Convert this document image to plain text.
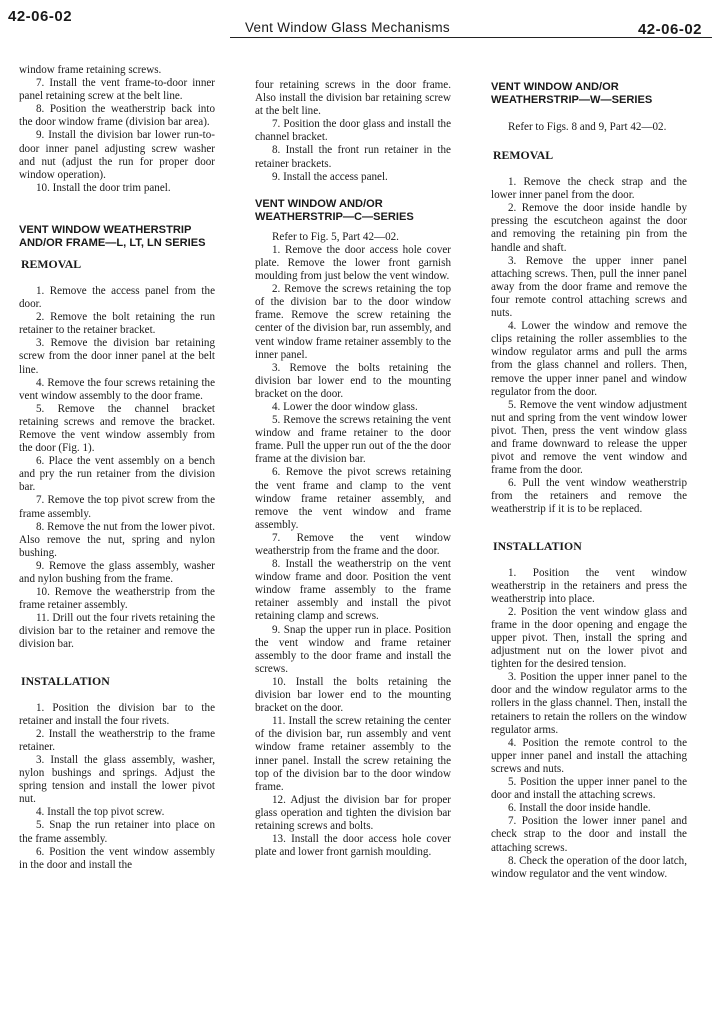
42-06-02
Vent Window Glass Mechanisms	42-06-02

window frame retaining screws.

7. Install the vent frame-to-door inner panel retaining screw at the belt line.

8. Position the weatherstrip back into the door window frame (division bar area).

9. Install the division bar lower run-to-door inner panel adjusting screw washer and nut (adjust the run for proper door window operation).

10. Install the door trim panel.

VENT WINDOW WEATHERSTRIP AND/OR FRAME—L, LT, LN SERIES

REMOVAL

1. Remove the access panel from the door.

2. Remove the bolt retaining the run retainer to the retainer bracket.

3. Remove the division bar retaining screw from the door inner panel at the belt line.

4. Remove the four screws retaining the vent window assembly to the door frame.

5. Remove the channel bracket retaining screws and remove the bracket. Remove the vent window assembly from the door (Fig. 1).

6. Place the vent assembly on a bench and pry the run retainer from the division bar.

7. Remove the top pivot screw from the frame assembly.

8. Remove the nut from the lower pivot. Also remove the nut, spring and nylon bushing.

9. Remove the glass assembly, washer and nylon bushing from the frame.

10. Remove the weatherstrip from the frame retainer assembly.

11. Drill out the four rivets retaining the division bar to the retainer and remove the division bar.

INSTALLATION

1. Position the division bar to the retainer and install the four rivets.

2. Install the weatherstrip to the frame retainer.

3. Install the glass assembly, washer, nylon bushings and springs. Adjust the spring tension and install the lower pivot nut.

4. Install the top pivot screw.

5. Snap the run retainer into place on the frame assembly.

6. Position the vent window assembly in the door and install the

four retaining screws in the door frame. Also install the division bar retaining screw at the belt line.

7. Position the door glass and install the channel bracket.

8. Install the front run retainer in the retainer brackets.

9. Install the access panel.

VENT WINDOW AND/OR WEATHERSTRIP—C—SERIES

Refer to Fig. 5, Part 42—02.

1. Remove the door access hole cover plate. Remove the lower front garnish moulding from just below the vent window.

2. Remove the screws retaining the top of the division bar to the door window frame. Remove the screw retaining the center of the division bar, run assembly, and vent window frame retainer assembly to the inner panel.

3. Remove the bolts retaining the division bar lower end to the mounting bracket on the door.

4. Lower the door window glass.

5. Remove the screws retaining the vent window and frame retainer to the door frame. Pull the upper run out of the the door frame at the division bar.

6. Remove the pivot screws retaining the vent frame and clamp to the vent window frame retainer assembly, and remove the vent window and frame assembly.

7. Remove the vent window weatherstrip from the frame and the door.

8. Install the weatherstrip on the vent window frame and door. Position the vent window frame assembly to the frame retainer assembly and install the pivot retaining clamp and screws.

9. Snap the upper run in place. Position the vent window and frame retainer assembly to the door frame and install the screws.

10. Install the bolts retaining the division bar lower end to the mounting bracket on the door.

11. Install the screw retaining the center of the division bar, run assembly and vent window frame retainer assembly to the inner panel. Install the screw retaining the top of the division bar to the door window frame.

12. Adjust the division bar for proper glass operation and tighten the division bar retaining screws and bolts.

13. Install the door access hole cover plate and lower front garnish moulding.

VENT WINDOW AND/OR WEATHERSTRIP—W—SERIES

Refer to Figs. 8 and 9, Part 42—02.

REMOVAL

1. Remove the check strap and the lower inner panel from the door.

2. Remove the door inside handle by pressing the escutcheon against the door and removing the retaining pin from the handle and shaft.

3. Remove the upper inner panel attaching screws. Then, pull the inner panel away from the door frame and remove the four remote control attaching screws and nuts.

4. Lower the window and remove the clips retaining the roller assemblies to the window regulator arms and pull the arms from the glass channel and rollers. Then, remove the upper inner panel and window regulator from the door.

5. Remove the vent window adjustment nut and spring from the vent window lower pivot. Then, press the vent window glass and frame downward to release the upper pivot and remove the vent window and frame from the door.

6. Pull the vent window weatherstrip from the retainers and remove the weatherstrip if it is to be replaced.

INSTALLATION

1. Position the vent window weatherstrip in the retainers and press the weatherstrip into place.

2. Position the vent window glass and frame in the door opening and engage the upper pivot. Then, install the spring and adjustment nut on the lower pivot and tighten for the desired tension.

3. Position the upper inner panel to the door and the window regulator arms to the rollers in the glass channel. Then, install the retainers to retain the rollers on the window regulator arms.

4. Position the remote control to the upper inner panel and install the attaching screws and nuts.

5. Position the upper inner panel to the door and install the attaching screws.

6. Install the door inside handle.

7. Position the lower inner panel and check strap to the door and install the attaching screws.

8. Check the operation of the door latch, window regulator and the vent window.
